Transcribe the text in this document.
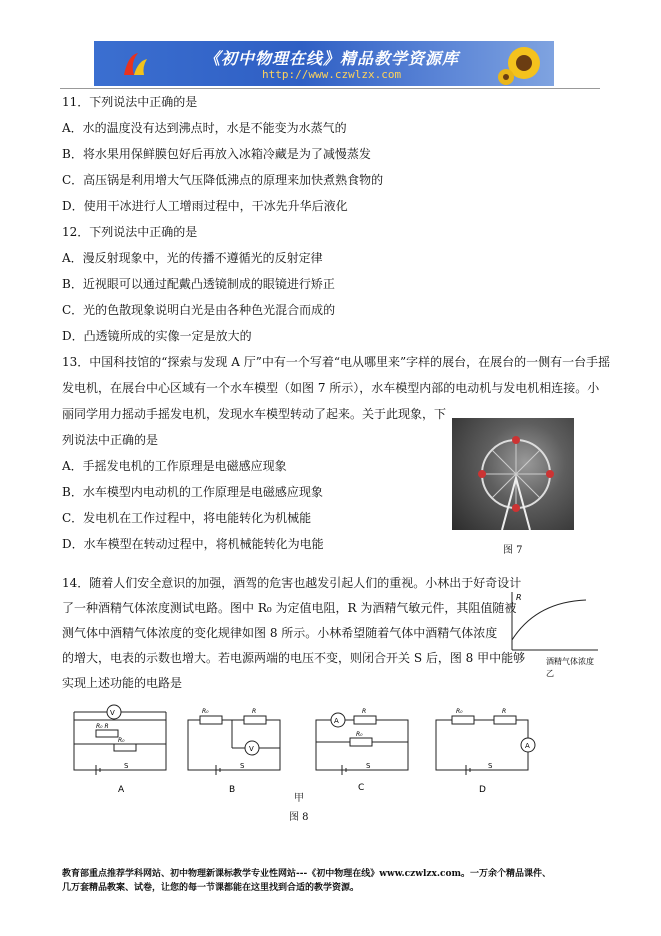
《初中物理在线》精品教学资源库
http://www.czwlzx.com
11．下列说法中正确的是
A．水的温度没有达到沸点时，水是不能变为水蒸气的
B．将水果用保鲜膜包好后再放入冰箱冷藏是为了减慢蒸发
C．高压锅是利用增大气压降低沸点的原理来加快煮熟食物的
D．使用干冰进行人工增雨过程中，干冰先升华后液化
12．下列说法中正确的是
A．漫反射现象中，光的传播不遵循光的反射定律
B．近视眼可以通过配戴凸透镜制成的眼镜进行矫正
C．光的色散现象说明白光是由各种色光混合而成的
D．凸透镜所成的实像一定是放大的
13．中国科技馆的“探索与发现 A 厅”中有一个写着“电从哪里来”字样的展台，在展台的一侧有一台手摇
发电机，在展台中心区域有一个水车模型（如图 7 所示），水车模型内部的电动机与发电机相连接。小
丽同学用力摇动手摇发电机，发现水车模型转动了起来。关于此现象，下
列说法中正确的是
A．手摇发电机的工作原理是电磁感应现象
B．水车模型内电动机的工作原理是电磁感应现象
C．发电机在工作过程中，将电能转化为机械能
D．水车模型在转动过程中，将机械能转化为电能	图 7
14．随着人们安全意识的加强，酒驾的危害也越发引起人们的重视。小林出于好奇设计
了一种酒精气体浓度测试电路。图中 R₀ 为定值电阻，R 为酒精气敏元件，其阻值随被
测气体中酒精气体浓度的变化规律如图 8 所示。小林希望随着气体中酒精气体浓度
的增大，电表的示数也增大。若电源两端的电压不变，则闭合开关 S 后，图 8 甲中能够
实现上述功能的电路是
R
酒精气体浓度
乙
V
R₀ R
R₀
S
R₀	R
V
S
A
R
R₀
S
R₀	R
A
S
A	B	C	D
甲
图 8
教育部重点推荐学科网站、初中物理新课标教学专业性网站---《初中物理在线》www.czwlzx.com。一万余个精品课件、
几万套精品教案、试卷，让您的每一节课都能在这里找到合适的教学资源。
